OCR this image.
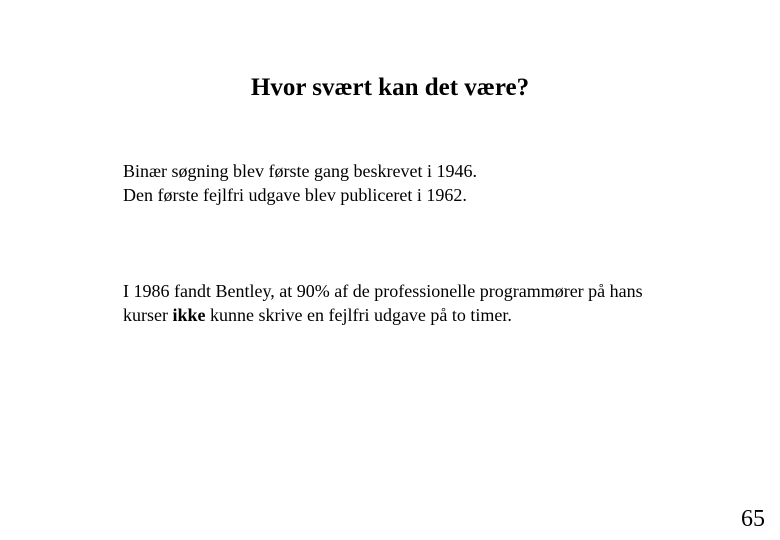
Hvor svært kan det være?

Binær søgning blev første gang beskrevet i 1946.
Den første fejlfri udgave blev publiceret i 1962.

I 1986 fandt Bentley, at 90% af de professionelle programmører på hans
kurser ikke kunne skrive en fejlfri udgave på to timer.

65
